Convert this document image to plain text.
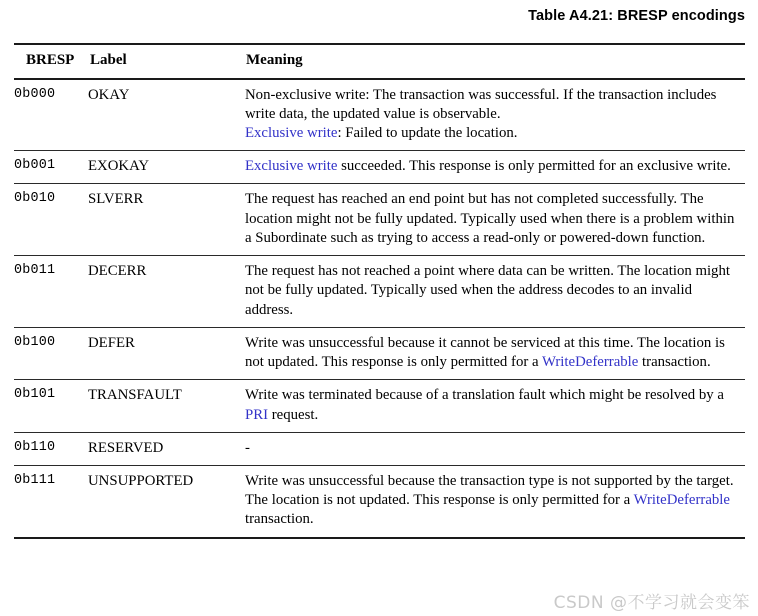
Table A4.21: BRESP encodings
BRESP	Label	Meaning
0b000	OKAY	Non-exclusive write: The transaction was successful. If the transaction includes write data, the updated value is observable.
Exclusive write: Failed to update the location.
0b001	EXOKAY	Exclusive write succeeded. This response is only permitted for an exclusive write.
0b010	SLVERR	The request has reached an end point but has not completed successfully. The location might not be fully updated. Typically used when there is a problem within a Subordinate such as trying to access a read-only or powered-down function.
0b011	DECERR	The request has not reached a point where data can be written. The location might not be fully updated. Typically used when the address decodes to an invalid address.
0b100	DEFER	Write was unsuccessful because it cannot be serviced at this time. The location is not updated. This response is only permitted for a WriteDeferrable transaction.
0b101	TRANSFAULT	Write was terminated because of a translation fault which might be resolved by a PRI request.
0b110	RESERVED	-
0b111	UNSUPPORTED	Write was unsuccessful because the transaction type is not supported by the target. The location is not updated. This response is only permitted for a WriteDeferrable transaction.
CSDN @不学习就会变笨
